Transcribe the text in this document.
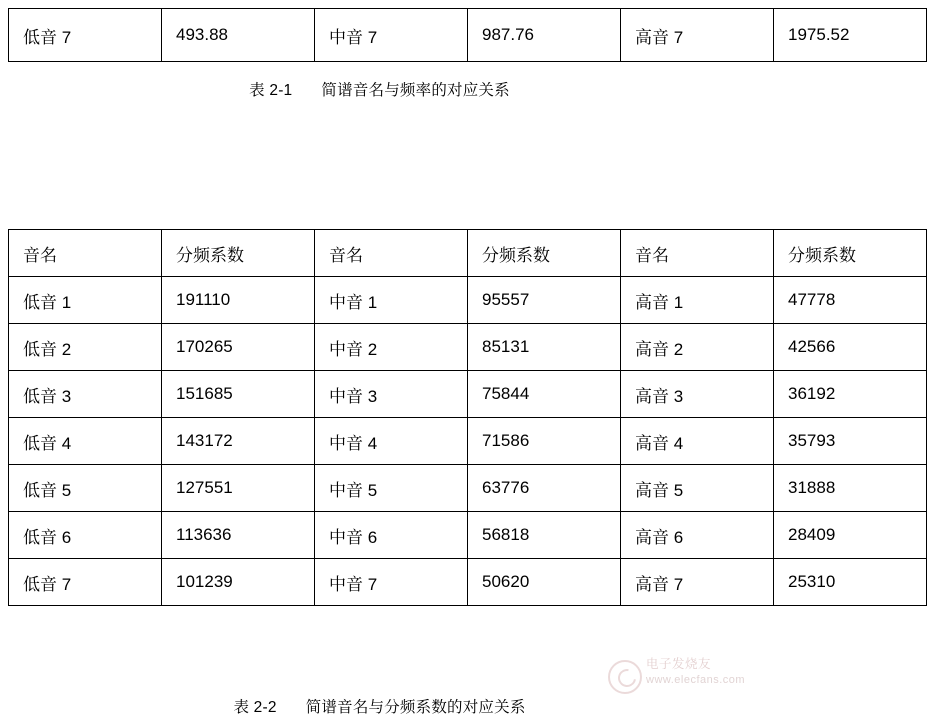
低音 7	493.88	中音 7	987.76	高音 7	1975.52
表 2-1 简谱音名与频率的对应关系
音名	分频系数	音名	分频系数	音名	分频系数
低音 1	191110	中音 1	95557	高音 1	47778
低音 2	170265	中音 2	85131	高音 2	42566
低音 3	151685	中音 3	75844	高音 3	36192
低音 4	143172	中音 4	71586	高音 4	35793
低音 5	127551	中音 5	63776	高音 5	31888
低音 6	113636	中音 6	56818	高音 6	28409
低音 7	101239	中音 7	50620	高音 7	25310
表 2-2 简谱音名与分频系数的对应关系
电子发烧友
www.elecfans.com
